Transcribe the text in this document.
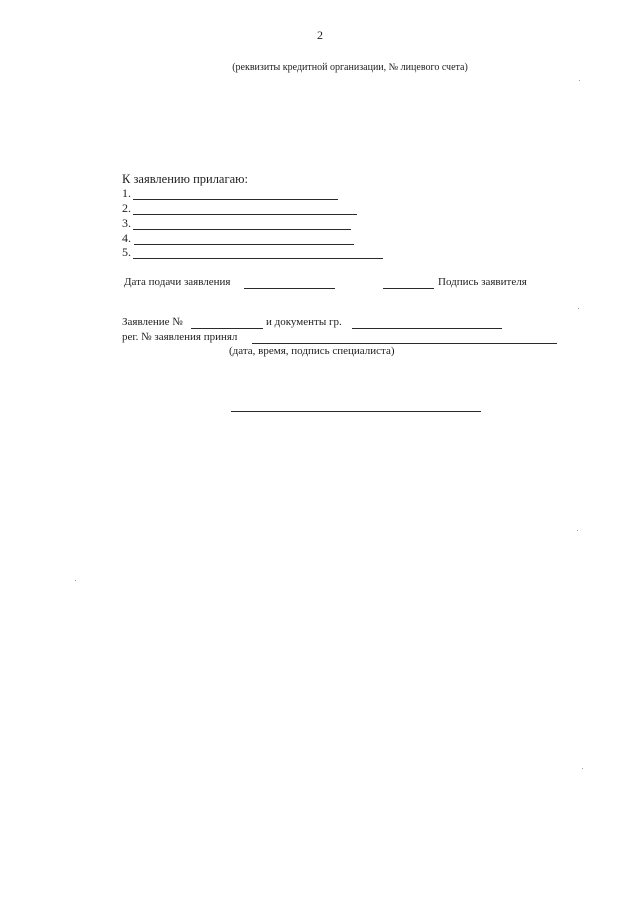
2
(реквизиты кредитной организации, № лицевого счета)
К заявлению прилагаю:
1.
2.
3.
4.
5.
Дата подачи заявления	Подпись заявителя
Заявление №	и документы гр.
рег. № заявления принял
(дата, время, подпись специалиста)
